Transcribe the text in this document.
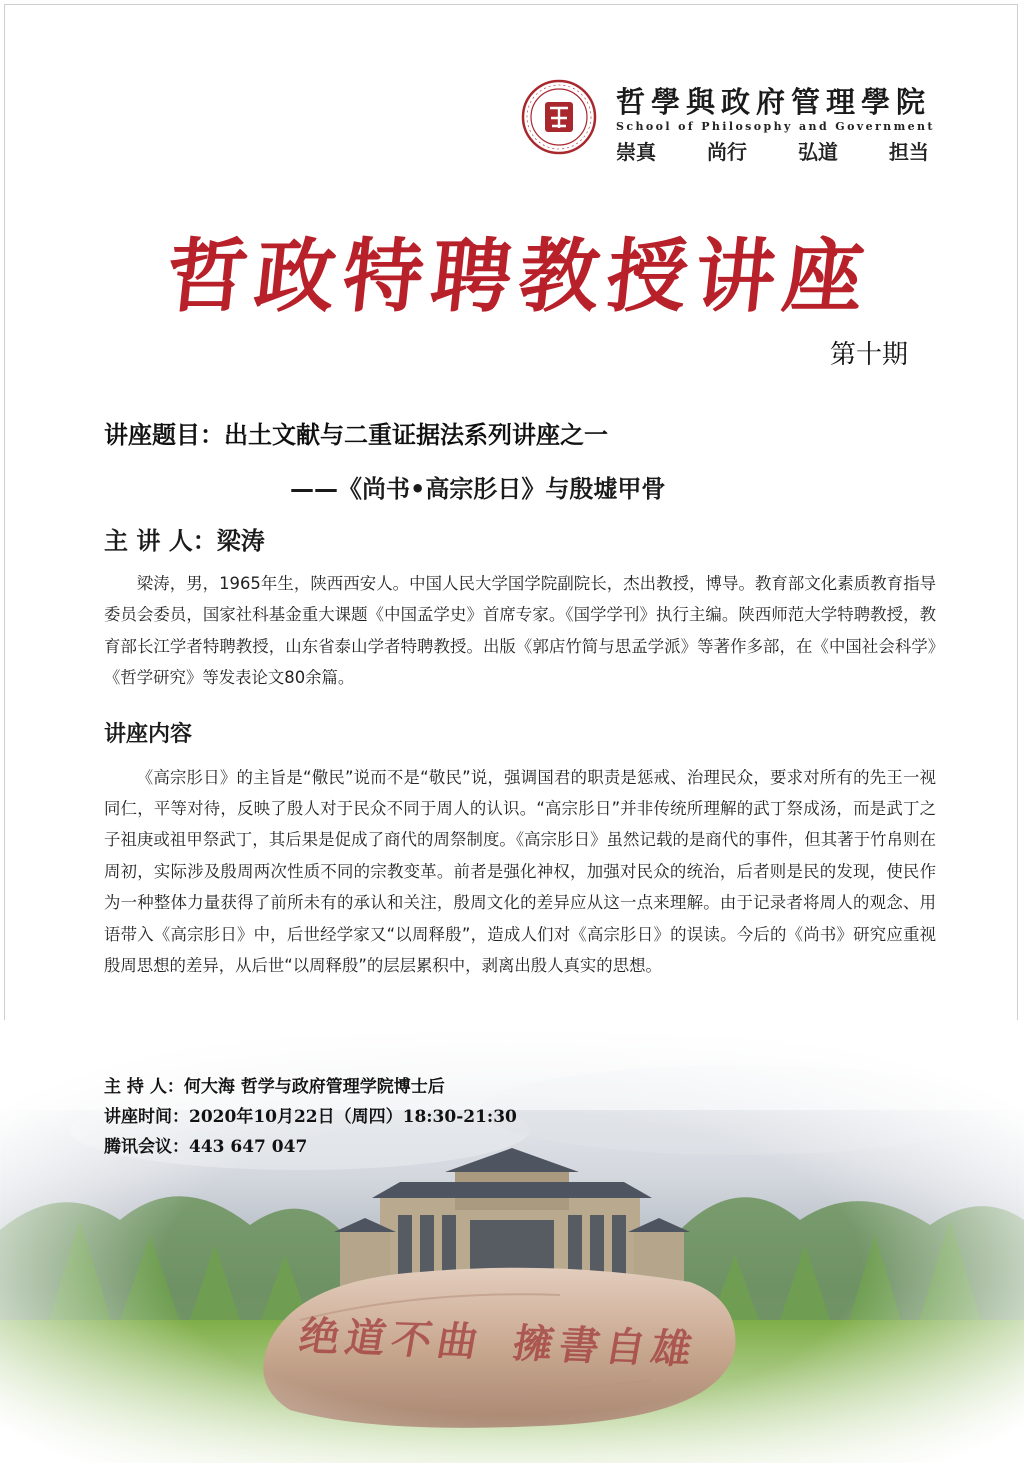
哲學與政府管理學院
School of Philosophy and Government
崇真	尚行	弘道	担当
哲政特聘教授讲座
第十期
讲座题目：出土文献与二重证据法系列讲座之一
——《尚书•高宗肜日》与殷墟甲骨
主 讲 人：梁涛

梁涛，男，1965年生，陕西西安人。中国人民大学国学院副院长，杰出教授，博导。教育部文化素质教育指导委员会委员，国家社科基金重大课题《中国孟学史》首席专家。《国学学刊》执行主编。陕西师范大学特聘教授，教育部长江学者特聘教授，山东省泰山学者特聘教授。出版《郭店竹简与思孟学派》等著作多部，在《中国社会科学》《哲学研究》等发表论文80余篇。

讲座内容

《高宗肜日》的主旨是“儆民”说而不是“敬民”说，强调国君的职责是惩戒、治理民众，要求对所有的先王一视同仁，平等对待，反映了殷人对于民众不同于周人的认识。“高宗肜日”并非传统所理解的武丁祭成汤，而是武丁之子祖庚或祖甲祭武丁，其后果是促成了商代的周祭制度。《高宗肜日》虽然记载的是商代的事件，但其著于竹帛则在周初，实际涉及殷周两次性质不同的宗教变革。前者是强化神权，加强对民众的统治，后者则是民的发现，使民作为一种整体力量获得了前所未有的承认和关注，殷周文化的差异应从这一点来理解。由于记录者将周人的观念、用语带入《高宗肜日》中，后世经学家又“以周释殷”，造成人们对《高宗肜日》的误读。今后的《尚书》研究应重视殷周思想的差异，从后世“以周释殷”的层层累积中，剥离出殷人真实的思想。

绝道不曲 擁書自雄
主 持 人：何大海 哲学与政府管理学院博士后
讲座时间：2020年10月22日（周四）18:30-21:30
腾讯会议：443 647 047
